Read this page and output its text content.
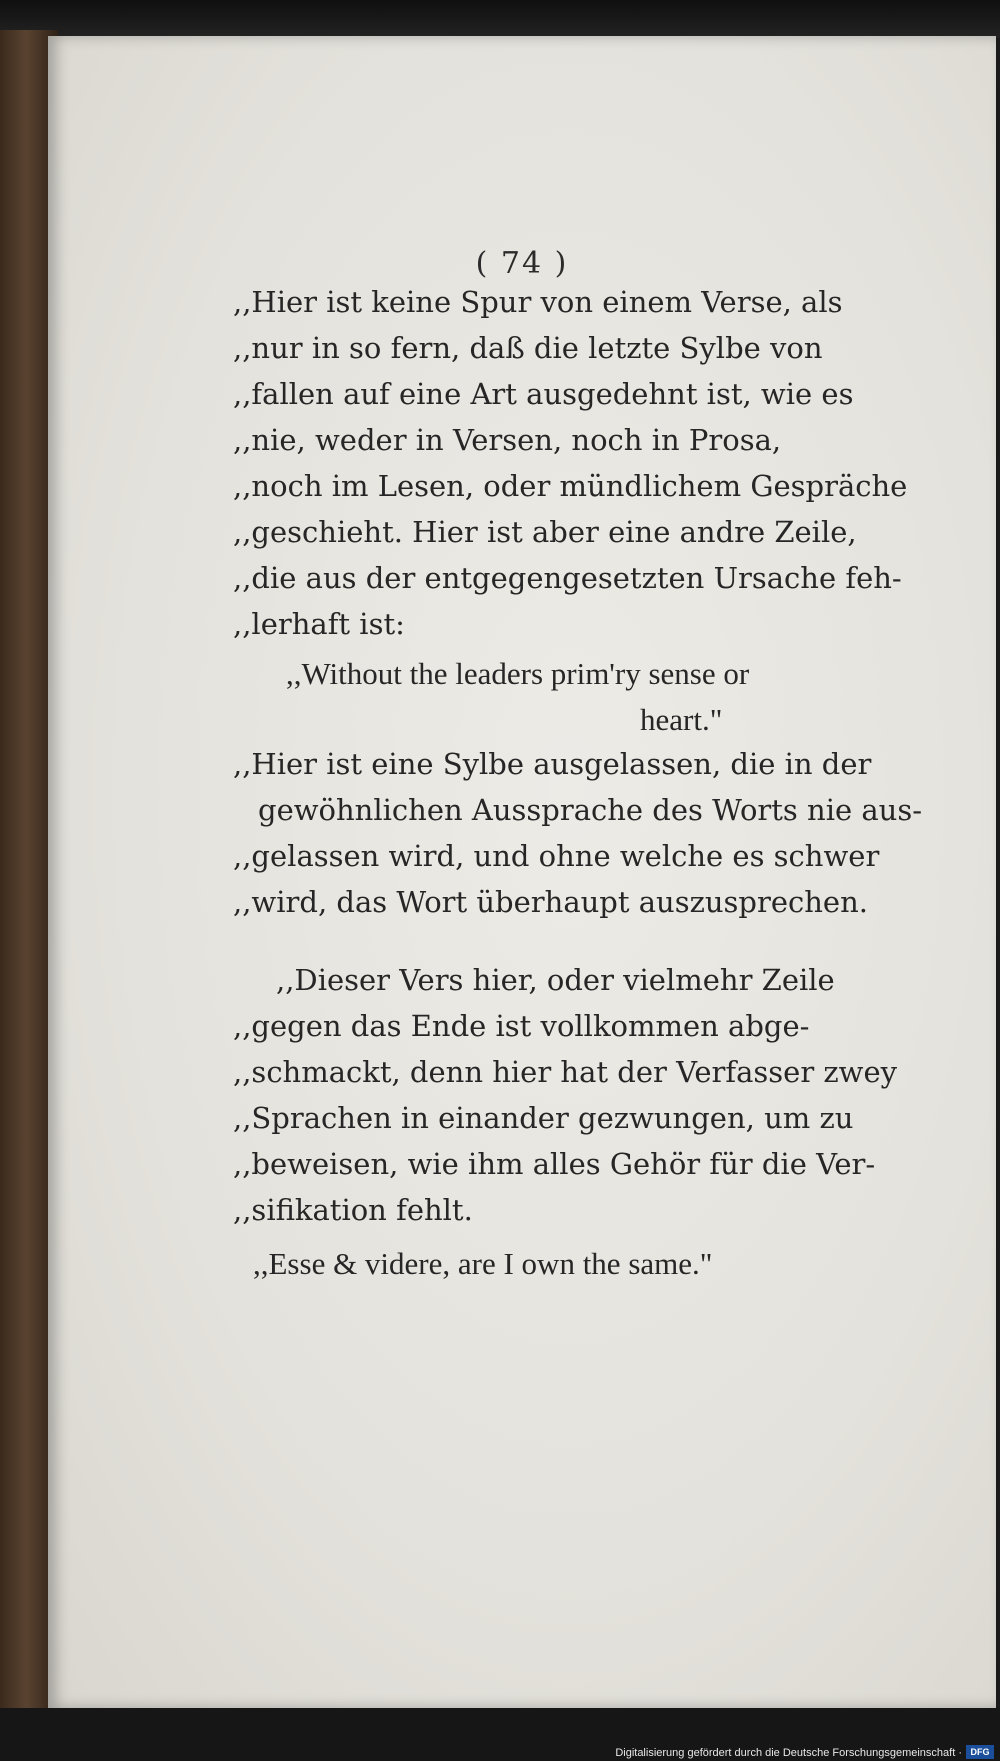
( 74 )
,,Hier ist keine Spur von einem Verse, als
,,nur in so fern, daß die letzte Sylbe von
,,fallen auf eine Art ausgedehnt ist, wie es
,,nie, weder in Versen, noch in Prosa,
,,noch im Lesen, oder mündlichem Gespräche
,,geschieht. Hier ist aber eine andre Zeile,
,,die aus der entgegengesetzten Ursache feh-
,,lerhaft ist:
,,Without the leaders prim'ry sense or
heart."
,,Hier ist eine Sylbe ausgelassen, die in der
gewöhnlichen Aussprache des Worts nie aus-
,,gelassen wird, und ohne welche es schwer
,,wird, das Wort überhaupt auszusprechen.
,,Dieser Vers hier, oder vielmehr Zeile
,,gegen das Ende ist vollkommen abge-
,,schmackt, denn hier hat der Verfasser zwey
,,Sprachen in einander gezwungen, um zu
,,beweisen, wie ihm alles Gehör für die Ver-
,,sifikation fehlt.
,,Esse & videre, are I own the same."
Digitalisierung gefördert durch die Deutsche Forschungsgemeinschaft · DFG
